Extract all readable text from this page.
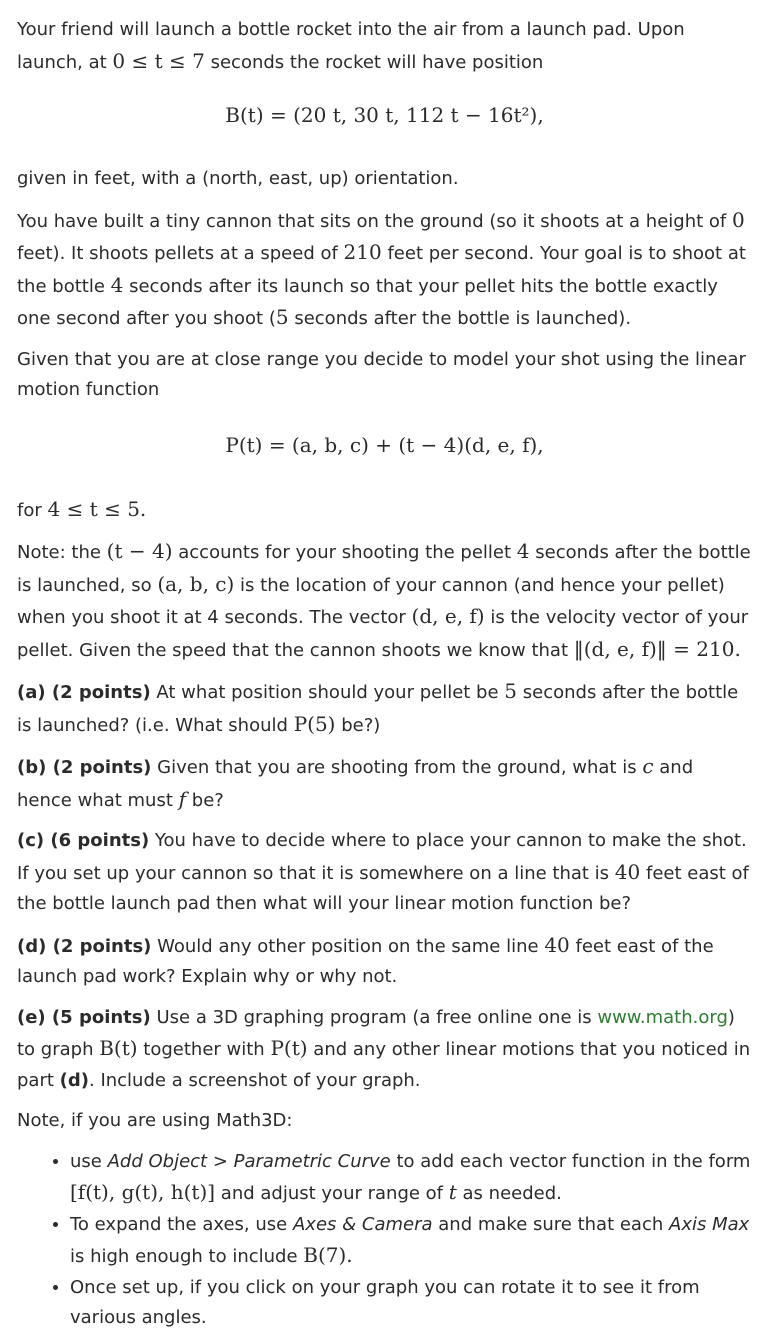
Your friend will launch a bottle rocket into the air from a launch pad. Upon launch, at 0 ≤ t ≤ 7 seconds the rocket will have position

B(t) = (20 t, 30 t, 112 t − 16t²),

given in feet, with a (north, east, up) orientation.

You have built a tiny cannon that sits on the ground (so it shoots at a height of 0 feet). It shoots pellets at a speed of 210 feet per second. Your goal is to shoot at the bottle 4 seconds after its launch so that your pellet hits the bottle exactly one second after you shoot (5 seconds after the bottle is launched).

Given that you are at close range you decide to model your shot using the linear motion function

P(t) = (a, b, c) + (t − 4)(d, e, f),

for 4 ≤ t ≤ 5.

Note: the (t − 4) accounts for your shooting the pellet 4 seconds after the bottle is launched, so (a, b, c) is the location of your cannon (and hence your pellet) when you shoot it at 4 seconds. The vector (d, e, f) is the velocity vector of your pellet. Given the speed that the cannon shoots we know that ‖(d, e, f)‖ = 210.

(a) (2 points) At what position should your pellet be 5 seconds after the bottle is launched? (i.e. What should P(5) be?)

(b) (2 points) Given that you are shooting from the ground, what is c and hence what must f be?

(c) (6 points) You have to decide where to place your cannon to make the shot. If you set up your cannon so that it is somewhere on a line that is 40 feet east of the bottle launch pad then what will your linear motion function be?

(d) (2 points) Would any other position on the same line 40 feet east of the launch pad work? Explain why or why not.

(e) (5 points) Use a 3D graphing program (a free online one is www.math.org) to graph B(t) together with P(t) and any other linear motions that you noticed in part (d). Include a screenshot of your graph.

Note, if you are using Math3D:

• use Add Object > Parametric Curve to add each vector function in the form [f(t), g(t), h(t)] and adjust your range of t as needed.
• To expand the axes, use Axes & Camera and make sure that each Axis Max is high enough to include B(7).
• Once set up, if you click on your graph you can rotate it to see it from various angles.
